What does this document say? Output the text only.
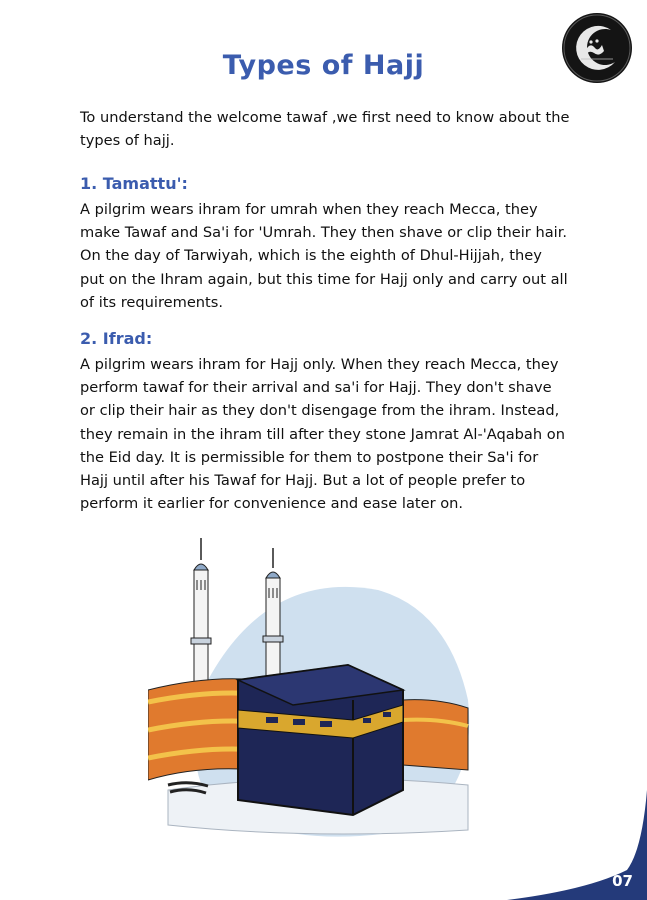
Types of Hajj

To understand the welcome tawaf ,we first need to know about the types of hajj.

1. Tamattu':

A pilgrim wears ihram for umrah when they reach Mecca, they make Tawaf and Sa'i for 'Umrah. They then shave or clip their hair. On the day of Tarwiyah, which is the eighth of Dhul-Hijjah, they put on the Ihram again, but this time for Hajj only and carry out all of its requirements.

2. Ifrad:

A pilgrim wears ihram for Hajj only. When they reach Mecca, they perform tawaf for their arrival and sa'i for Hajj. They don't shave or clip their hair as they don't disengage from the ihram. Instead, they remain in the ihram till after they stone Jamrat Al-'Aqabah on the Eid day. It is permissible for them to postpone their Sa'i for Hajj until after his Tawaf for Hajj. But a lot of people prefer to perform it earlier for convenience and ease later on.

07
